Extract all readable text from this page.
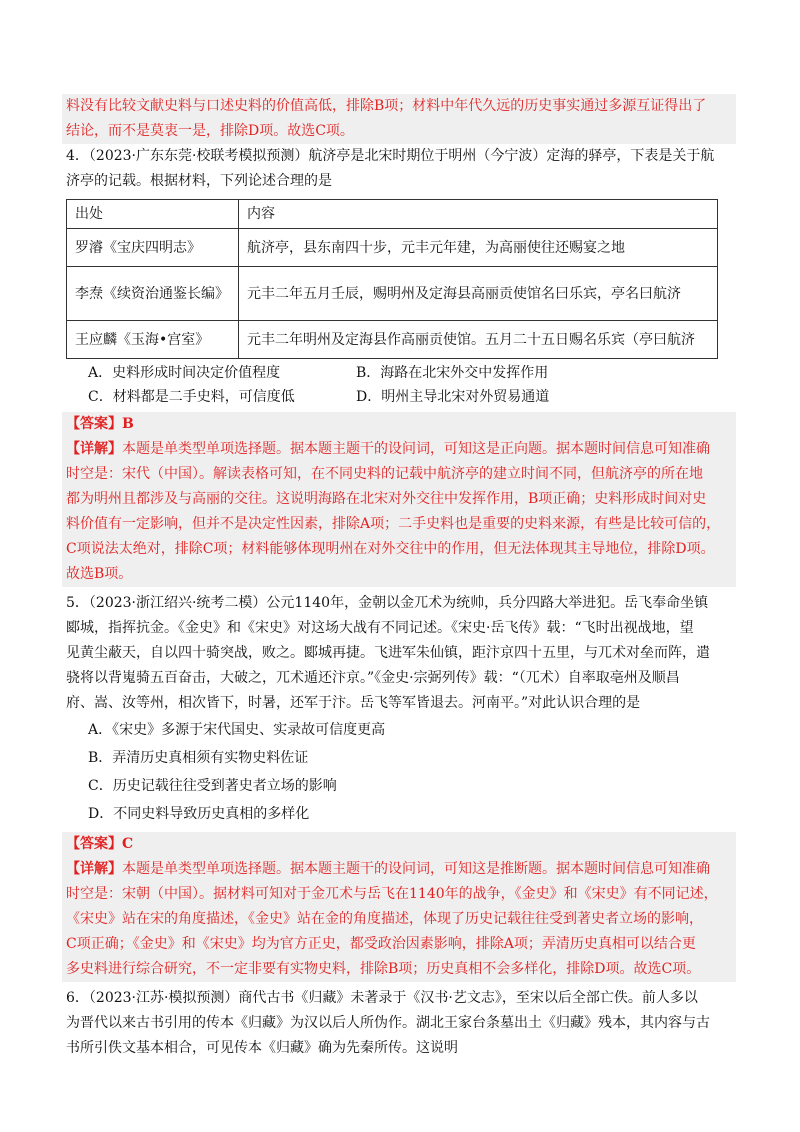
料没有比较文献史料与口述史料的价值高低，排除B项；材料中年代久远的历史事实通过多源互证得出了
结论，而不是莫衷一是，排除D项。故选C项。
4．（2023·广东东莞·校联考模拟预测）航济亭是北宋时期位于明州（今宁波）定海的驿亭，下表是关于航
济亭的记载。根据材料，下列论述合理的是
出处	内容
罗濬《宝庆四明志》	航济亭，县东南四十步，元丰元年建，为高丽使往还赐宴之地
李焘《续资治通鉴长编》	元丰二年五月壬辰，赐明州及定海县高丽贡使馆名曰乐宾，亭名曰航济
王应麟《玉海•宫室》	元丰二年明州及定海县作高丽贡使馆。五月二十五日赐名乐宾（亭曰航济
A．史料形成时间决定价值程度	B．海路在北宋外交中发挥作用
C．材料都是二手史料，可信度低	D．明州主导北宋对外贸易通道
【答案】B
【详解】本题是单类型单项选择题。据本题主题干的设问词，可知这是正向题。据本题时间信息可知准确
时空是：宋代（中国）。解读表格可知，在不同史料的记载中航济亭的建立时间不同，但航济亭的所在地
都为明州且都涉及与高丽的交往。这说明海路在北宋对外交往中发挥作用，B项正确；史料形成时间对史
料价值有一定影响，但并不是决定性因素，排除A项；二手史料也是重要的史料来源，有些是比较可信的，
C项说法太绝对，排除C项；材料能够体现明州在对外交往中的作用，但无法体现其主导地位，排除D项。
故选B项。
5．（2023·浙江绍兴·统考二模）公元1140年，金朝以金兀术为统帅，兵分四路大举进犯。岳飞奉命坐镇
郾城，指挥抗金。《金史》和《宋史》对这场大战有不同记述。《宋史·岳飞传》载：“飞时出视战地，望
见黄尘蔽天，自以四十骑突战，败之。郾城再捷。飞进军朱仙镇，距汴京四十五里，与兀术对垒而阵，遣
骁将以背嵬骑五百奋击，大破之，兀术遁还汴京。”《金史·宗弼列传》载：“（兀术）自率取亳州及顺昌
府、嵩、汝等州，相次皆下，时暑，还军于汴。岳飞等军皆退去。河南平。”对此认识合理的是
A．《宋史》多源于宋代国史、实录故可信度更高
B．弄清历史真相须有实物史料佐证
C．历史记载往往受到著史者立场的影响
D．不同史料导致历史真相的多样化
【答案】C
【详解】本题是单类型单项选择题。据本题主题干的设问词，可知这是推断题。据本题时间信息可知准确
时空是：宋朝（中国）。据材料可知对于金兀术与岳飞在1140年的战争，《金史》和《宋史》有不同记述，
《宋史》站在宋的角度描述，《金史》站在金的角度描述，体现了历史记载往往受到著史者立场的影响，
C项正确；《金史》和《宋史》均为官方正史，都受政治因素影响，排除A项；弄清历史真相可以结合更
多史料进行综合研究，不一定非要有实物史料，排除B项；历史真相不会多样化，排除D项。故选C项。
6．（2023·江苏·模拟预测）商代古书《归藏》未著录于《汉书·艺文志》，至宋以后全部亡佚。前人多以
为晋代以来古书引用的传本《归藏》为汉以后人所伪作。湖北王家台条墓出土《归藏》残本，其内容与古
书所引佚文基本相合，可见传本《归藏》确为先秦所传。这说明
